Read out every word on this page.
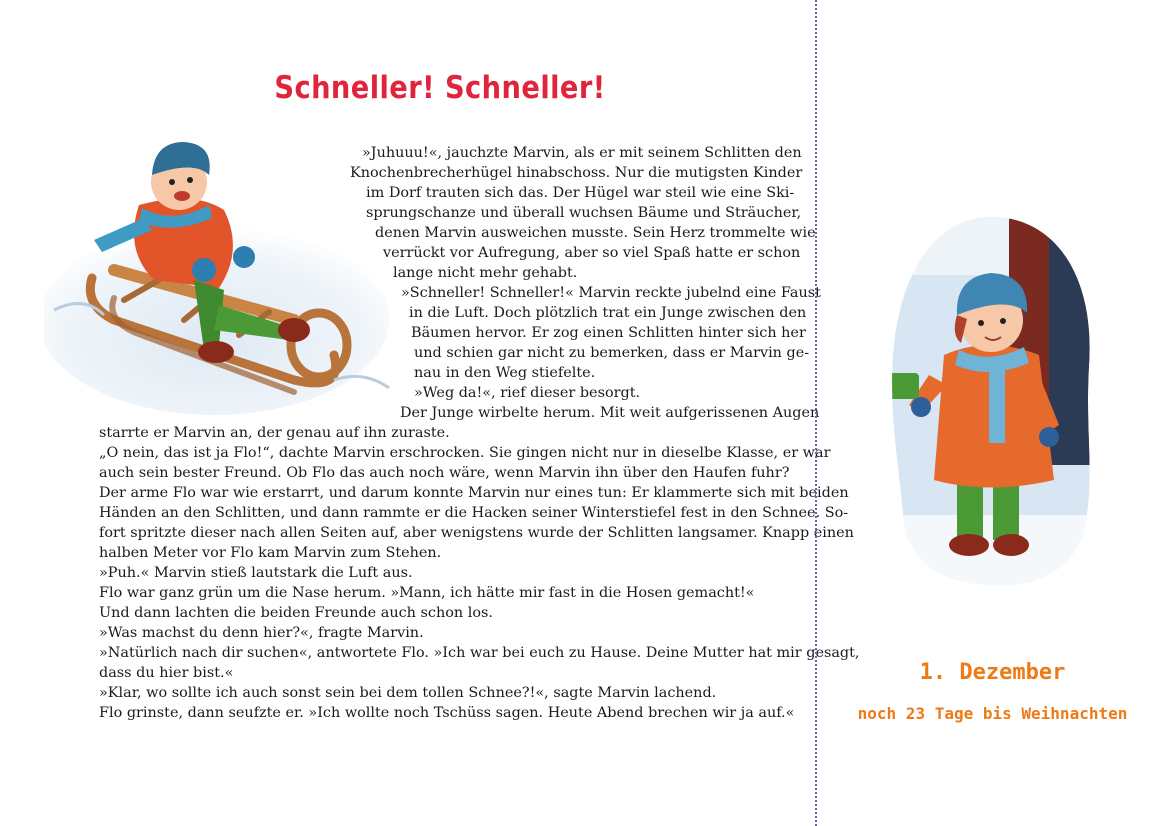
Schneller! Schneller!
»Juhuuu!«, jauchzte Marvin, als er mit seinem Schlitten den
Knochenbrecherhügel hinabschoss. Nur die mutigsten Kinder
im Dorf trauten sich das. Der Hügel war steil wie eine Ski-
sprungschanze und überall wuchsen Bäume und Sträucher,
denen Marvin ausweichen musste. Sein Herz trommelte wie
verrückt vor Aufregung, aber so viel Spaß hatte er schon
lange nicht mehr gehabt.
»Schneller! Schneller!« Marvin reckte jubelnd eine Faust
in die Luft. Doch plötzlich trat ein Junge zwischen den
Bäumen hervor. Er zog einen Schlitten hinter sich her
und schien gar nicht zu bemerken, dass er Marvin ge-
nau in den Weg stiefelte.
»Weg da!«, rief dieser besorgt.
Der Junge wirbelte herum. Mit weit aufgerissenen Augen
starrte er Marvin an, der genau auf ihn zuraste.
„O nein, das ist ja Flo!“, dachte Marvin erschrocken. Sie gingen nicht nur in dieselbe Klasse, er war
auch sein bester Freund. Ob Flo das auch noch wäre, wenn Marvin ihn über den Haufen fuhr?
Der arme Flo war wie erstarrt, und darum konnte Marvin nur eines tun: Er klammerte sich mit beiden
Händen an den Schlitten, und dann rammte er die Hacken seiner Winterstiefel fest in den Schnee. So-
fort spritzte dieser nach allen Seiten auf, aber wenigstens wurde der Schlitten langsamer. Knapp einen
halben Meter vor Flo kam Marvin zum Stehen.
»Puh.« Marvin stieß lautstark die Luft aus.
Flo war ganz grün um die Nase herum. »Mann, ich hätte mir fast in die Hosen gemacht!«
Und dann lachten die beiden Freunde auch schon los.
»Was machst du denn hier?«, fragte Marvin.
»Natürlich nach dir suchen«, antwortete Flo. »Ich war bei euch zu Hause. Deine Mutter hat mir gesagt,
dass du hier bist.«
»Klar, wo sollte ich auch sonst sein bei dem tollen Schnee?!«, sagte Marvin lachend.
Flo grinste, dann seufzte er. »Ich wollte noch Tschüss sagen. Heute Abend brechen wir ja auf.«
1. Dezember
noch 23 Tage bis Weihnachten
